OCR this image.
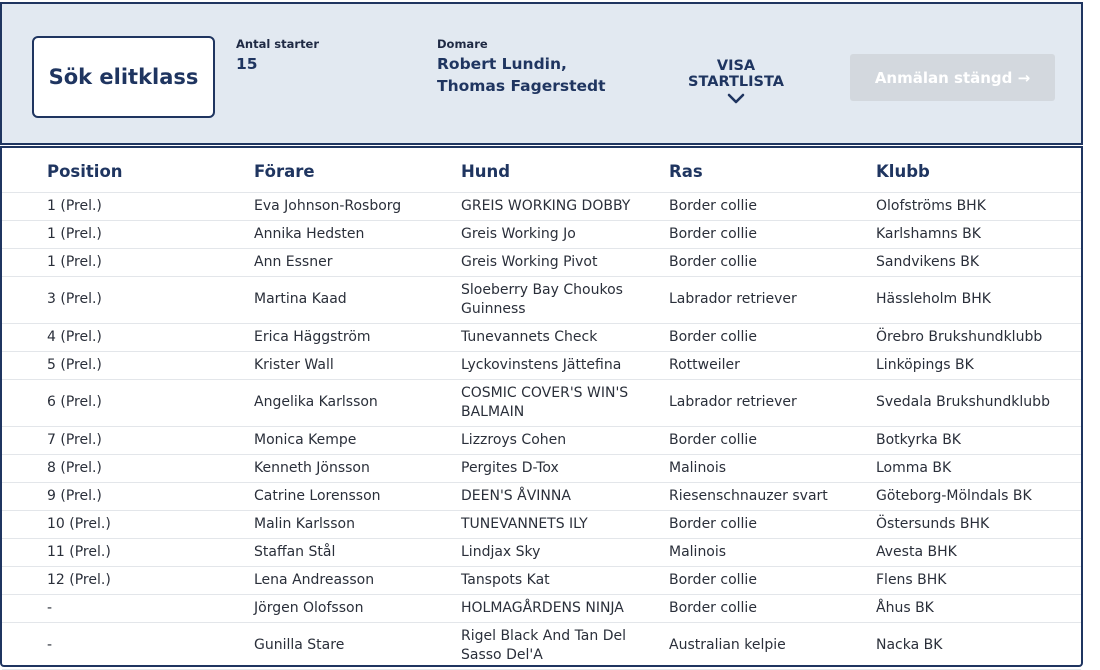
Sök elitklass
Antal starter
15
Domare
Robert Lundin, Thomas Fagerstedt
VISA STARTLISTA	Anmälan stängd →
Position	Förare	Hund	Ras	Klubb
1 (Prel.)	Eva Johnson-Rosborg	GREIS WORKING DOBBY	Border collie	Olofströms BHK
1 (Prel.)	Annika Hedsten	Greis Working Jo	Border collie	Karlshamns BK
1 (Prel.)	Ann Essner	Greis Working Pivot	Border collie	Sandvikens BK
3 (Prel.)	Martina Kaad	Sloeberry Bay Choukos Guinness	Labrador retriever	Hässleholm BHK
4 (Prel.)	Erica Häggström	Tunevannets Check	Border collie	Örebro Brukshundklubb
5 (Prel.)	Krister Wall	Lyckovinstens Jättefina	Rottweiler	Linköpings BK
6 (Prel.)	Angelika Karlsson	COSMIC COVER'S WIN'S BALMAIN	Labrador retriever	Svedala Brukshundklubb
7 (Prel.)	Monica Kempe	Lizzroys Cohen	Border collie	Botkyrka BK
8 (Prel.)	Kenneth Jönsson	Pergites D-Tox	Malinois	Lomma BK
9 (Prel.)	Catrine Lorensson	DEEN'S ÅVINNA	Riesenschnauzer svart	Göteborg-Mölndals BK
10 (Prel.)	Malin Karlsson	TUNEVANNETS ILY	Border collie	Östersunds BHK
11 (Prel.)	Staffan Stål	Lindjax Sky	Malinois	Avesta BHK
12 (Prel.)	Lena Andreasson	Tanspots Kat	Border collie	Flens BHK
-	Jörgen Olofsson	HOLMAGÅRDENS NINJA	Border collie	Åhus BK
-	Gunilla Stare	Rigel Black And Tan Del Sasso Del'A	Australian kelpie	Nacka BK
